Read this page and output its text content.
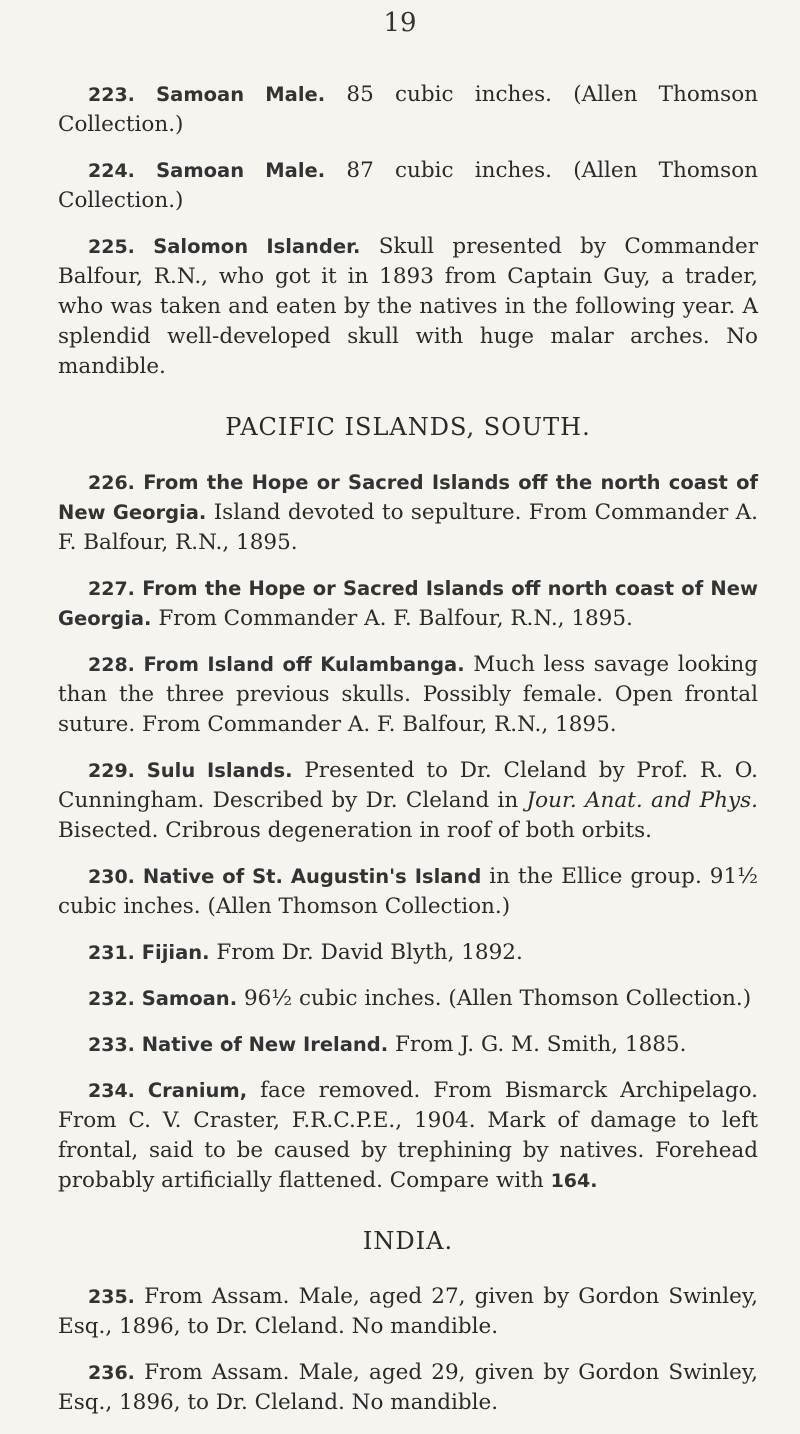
19

223. Samoan Male. 85 cubic inches. (Allen Thomson Collection.)

224. Samoan Male. 87 cubic inches. (Allen Thomson Collection.)

225. Salomon Islander. Skull presented by Commander Balfour, R.N., who got it in 1893 from Captain Guy, a trader, who was taken and eaten by the natives in the following year. A splendid well-developed skull with huge malar arches. No mandible.

PACIFIC ISLANDS, SOUTH.

226. From the Hope or Sacred Islands off the north coast of New Georgia. Island devoted to sepulture. From Commander A. F. Balfour, R.N., 1895.

227. From the Hope or Sacred Islands off north coast of New Georgia. From Commander A. F. Balfour, R.N., 1895.

228. From Island off Kulambanga. Much less savage looking than the three previous skulls. Possibly female. Open frontal suture. From Commander A. F. Balfour, R.N., 1895.

229. Sulu Islands. Presented to Dr. Cleland by Prof. R. O. Cunningham. Described by Dr. Cleland in Jour. Anat. and Phys. Bisected. Cribrous degeneration in roof of both orbits.

230. Native of St. Augustin's Island in the Ellice group. 91½ cubic inches. (Allen Thomson Collection.)

231. Fijian. From Dr. David Blyth, 1892.

232. Samoan. 96½ cubic inches. (Allen Thomson Collection.)

233. Native of New Ireland. From J. G. M. Smith, 1885.

234. Cranium, face removed. From Bismarck Archipelago. From C. V. Craster, F.R.C.P.E., 1904. Mark of damage to left frontal, said to be caused by trephining by natives. Forehead probably artificially flattened. Compare with 164.

INDIA.

235. From Assam. Male, aged 27, given by Gordon Swinley, Esq., 1896, to Dr. Cleland. No mandible.

236. From Assam. Male, aged 29, given by Gordon Swinley, Esq., 1896, to Dr. Cleland. No mandible.
